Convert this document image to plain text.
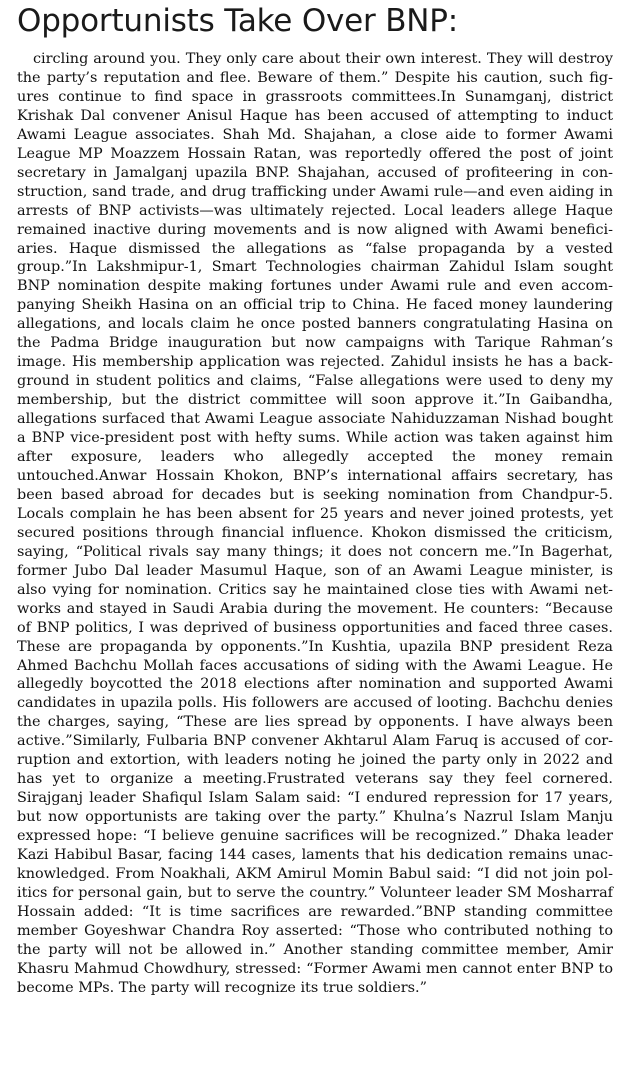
Opportunists Take Over BNP:

circling around you. They only care about their own interest. They will destroy the party’s reputation and flee. Beware of them.” Despite his caution, such figures continue to find space in grassroots committees.In Sunamganj, district Krishak Dal convener Anisul Haque has been accused of attempting to induct Awami League associates. Shah Md. Shajahan, a close aide to former Awami League MP Moazzem Hossain Ratan, was reportedly offered the post of joint secretary in Jamalganj upazila BNP. Shajahan, accused of profiteering in construction, sand trade, and drug trafficking under Awami rule—and even aiding in arrests of BNP activists—was ultimately rejected. Local leaders allege Haque remained inactive during movements and is now aligned with Awami beneficiaries. Haque dismissed the allegations as “false propaganda by a vested group.”In Lakshmipur-1, Smart Technologies chairman Zahidul Islam sought BNP nomination despite making fortunes under Awami rule and even accompanying Sheikh Hasina on an official trip to China. He faced money laundering allegations, and locals claim he once posted banners congratulating Hasina on the Padma Bridge inauguration but now campaigns with Tarique Rahman’s image. His membership application was rejected. Zahidul insists he has a background in student politics and claims, “False allegations were used to deny my membership, but the district committee will soon approve it.”In Gaibandha, allegations surfaced that Awami League associate Nahiduzzaman Nishad bought a BNP vice-president post with hefty sums. While action was taken against him after exposure, leaders who allegedly accepted the money remain untouched.Anwar Hossain Khokon, BNP’s international affairs secretary, has been based abroad for decades but is seeking nomination from Chandpur-5. Locals complain he has been absent for 25 years and never joined protests, yet secured positions through financial influence. Khokon dismissed the criticism, saying, “Political rivals say many things; it does not concern me.”In Bagerhat, former Jubo Dal leader Masumul Haque, son of an Awami League minister, is also vying for nomination. Critics say he maintained close ties with Awami networks and stayed in Saudi Arabia during the movement. He counters: “Because of BNP politics, I was deprived of business opportunities and faced three cases. These are propaganda by opponents.”In Kushtia, upazila BNP president Reza Ahmed Bachchu Mollah faces accusations of siding with the Awami League. He allegedly boycotted the 2018 elections after nomination and supported Awami candidates in upazila polls. His followers are accused of looting. Bachchu denies the charges, saying, “These are lies spread by opponents. I have always been active.”Similarly, Fulbaria BNP convener Akhtarul Alam Faruq is accused of corruption and extortion, with leaders noting he joined the party only in 2022 and has yet to organize a meeting.Frustrated veterans say they feel cornered. Sirajganj leader Shafiqul Islam Salam said: “I endured repression for 17 years, but now opportunists are taking over the party.” Khulna’s Nazrul Islam Manju expressed hope: “I believe genuine sacrifices will be recognized.” Dhaka leader Kazi Habibul Basar, facing 144 cases, laments that his dedication remains unacknowledged. From Noakhali, AKM Amirul Momin Babul said: “I did not join politics for personal gain, but to serve the country.” Volunteer leader SM Mosharraf Hossain added: “It is time sacrifices are rewarded.”BNP standing committee member Goyeshwar Chandra Roy asserted: “Those who contributed nothing to the party will not be allowed in.” Another standing committee member, Amir Khasru Mahmud Chowdhury, stressed: “Former Awami men cannot enter BNP to become MPs. The party will recognize its true soldiers.”
